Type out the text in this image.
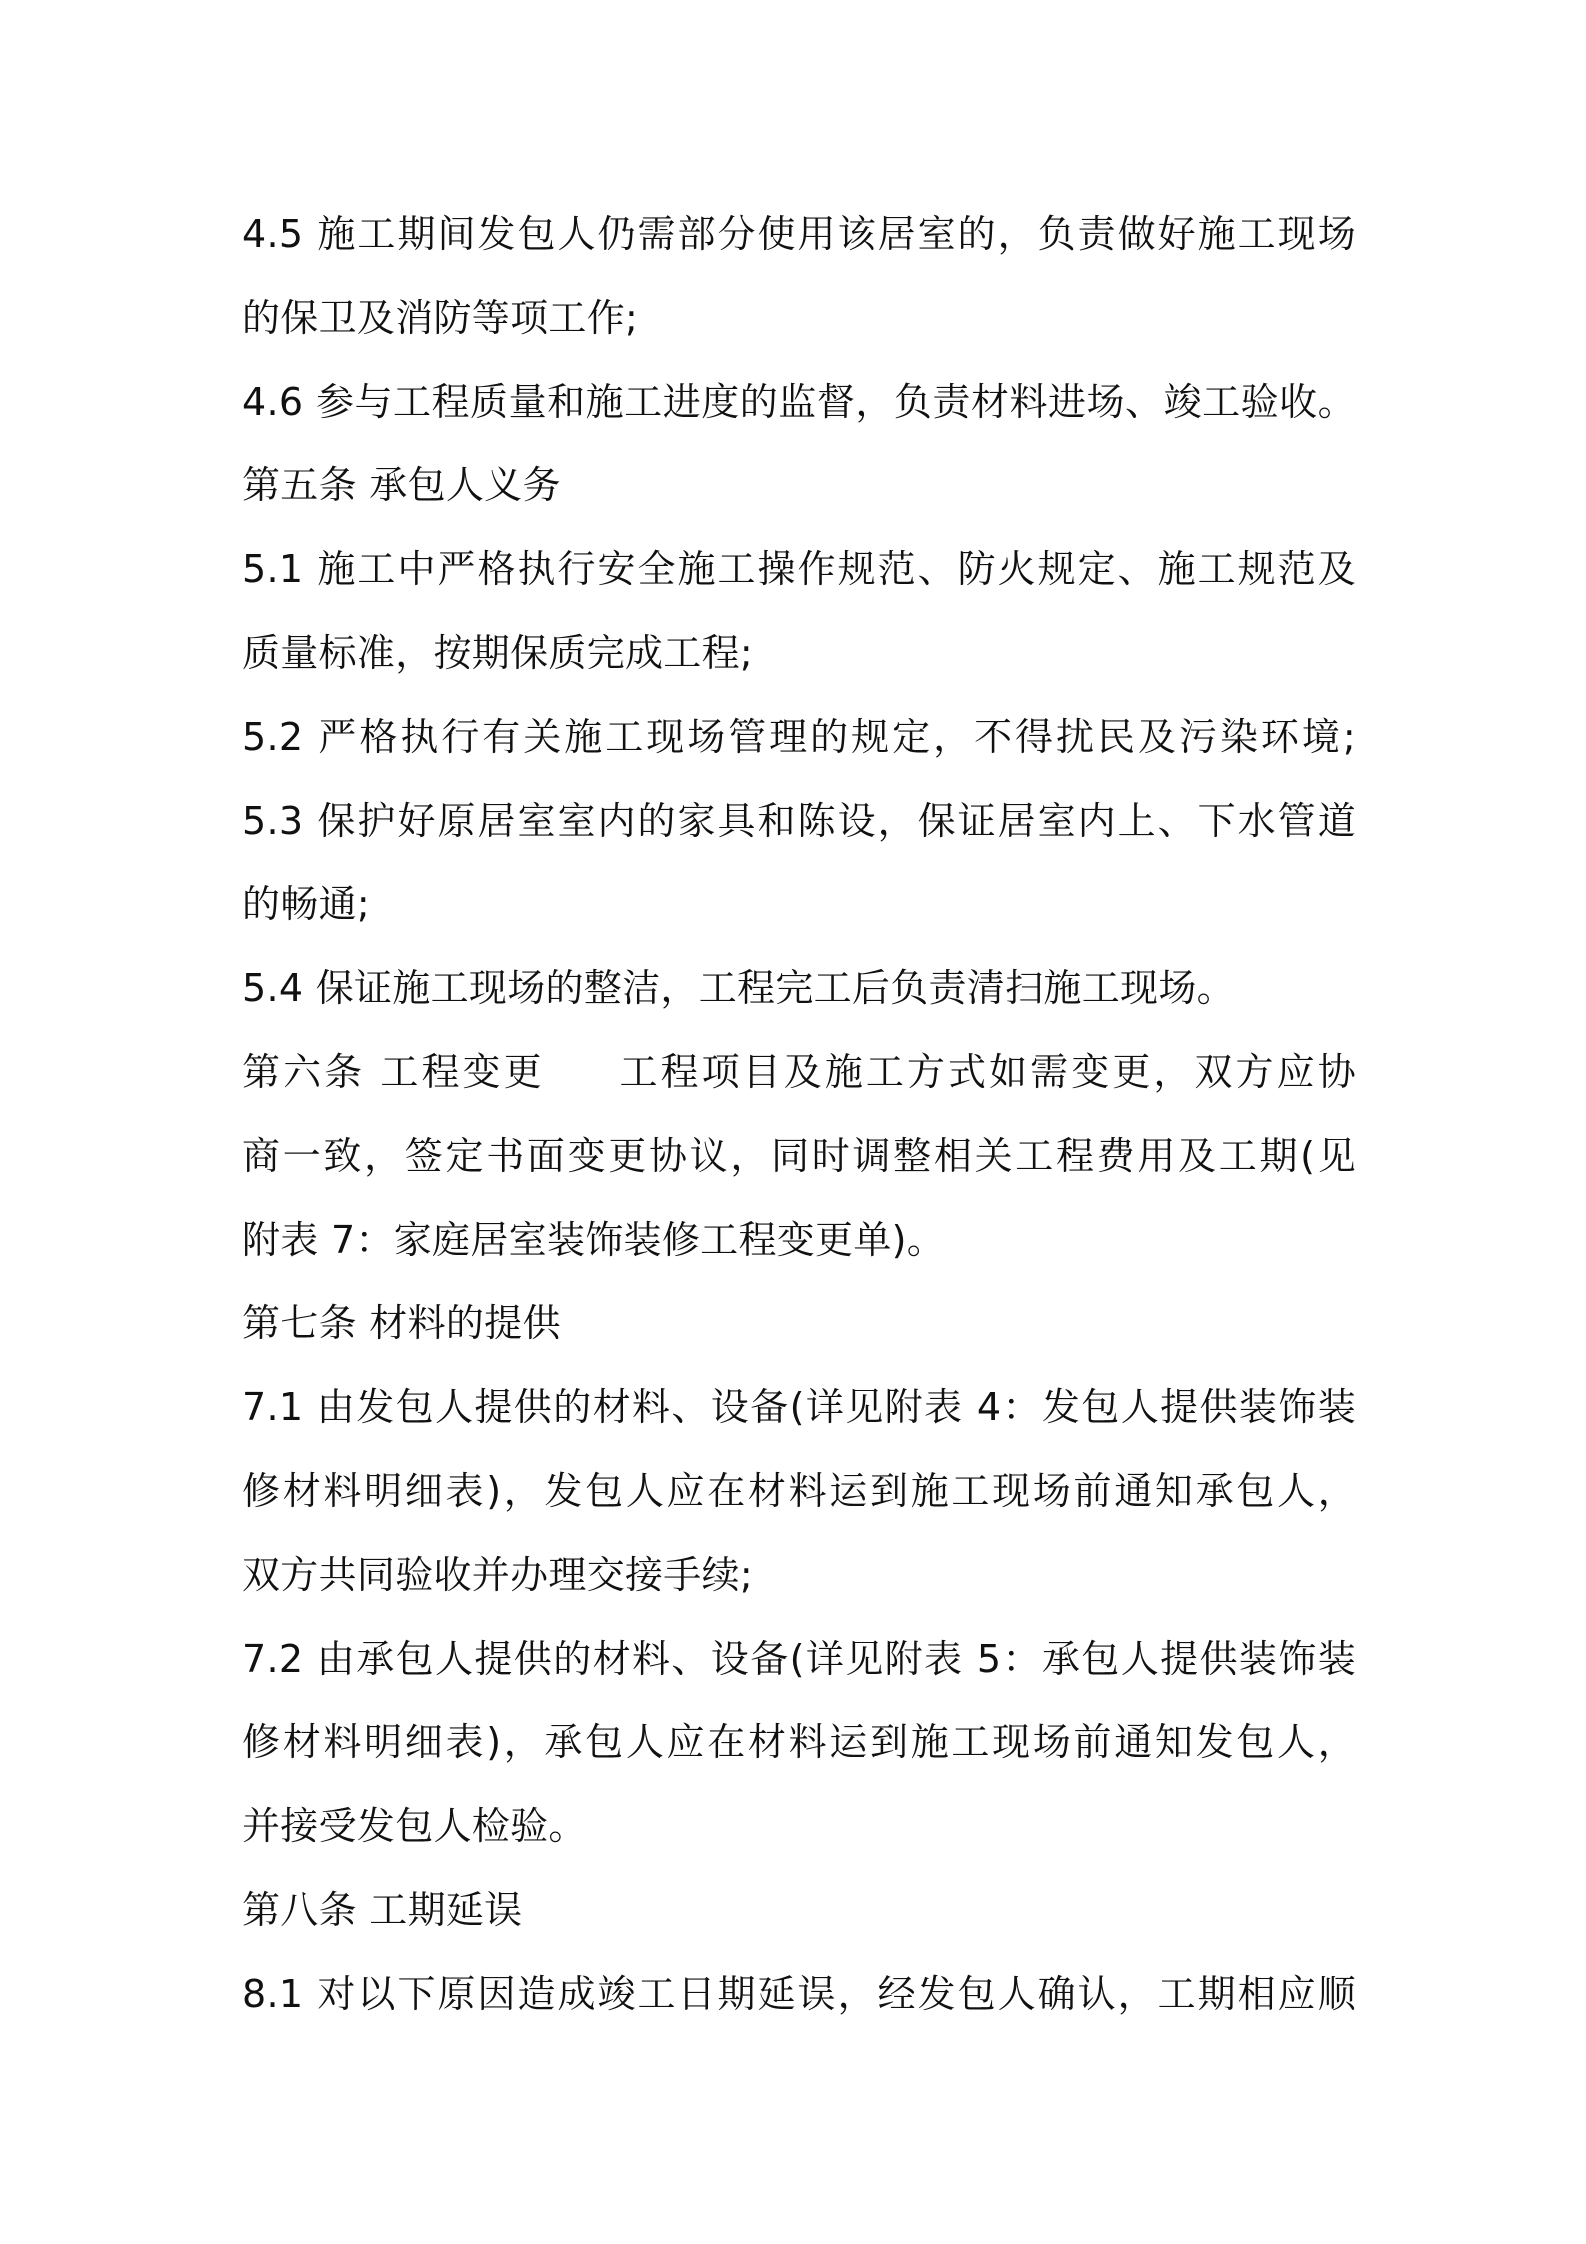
4.5 施工期间发包人仍需部分使用该居室的，负责做好施工现场
的保卫及消防等项工作;
4.6 参与工程质量和施工进度的监督，负责材料进场、竣工验收。
第五条 承包人义务
5.1 施工中严格执行安全施工操作规范、防火规定、施工规范及
质量标准，按期保质完成工程;
5.2 严格执行有关施工现场管理的规定，不得扰民及污染环境;
5.3 保护好原居室室内的家具和陈设，保证居室内上、下水管道
的畅通;
5.4 保证施工现场的整洁，工程完工后负责清扫施工现场。
第六条 工程变更 工程项目及施工方式如需变更，双方应协
商一致，签定书面变更协议，同时调整相关工程费用及工期(见
附表 7：家庭居室装饰装修工程变更单)。
第七条 材料的提供
7.1 由发包人提供的材料、设备(详见附表 4：发包人提供装饰装
修材料明细表)，发包人应在材料运到施工现场前通知承包人，
双方共同验收并办理交接手续;
7.2 由承包人提供的材料、设备(详见附表 5：承包人提供装饰装
修材料明细表)，承包人应在材料运到施工现场前通知发包人，
并接受发包人检验。
第八条 工期延误
8.1 对以下原因造成竣工日期延误，经发包人确认，工期相应顺
